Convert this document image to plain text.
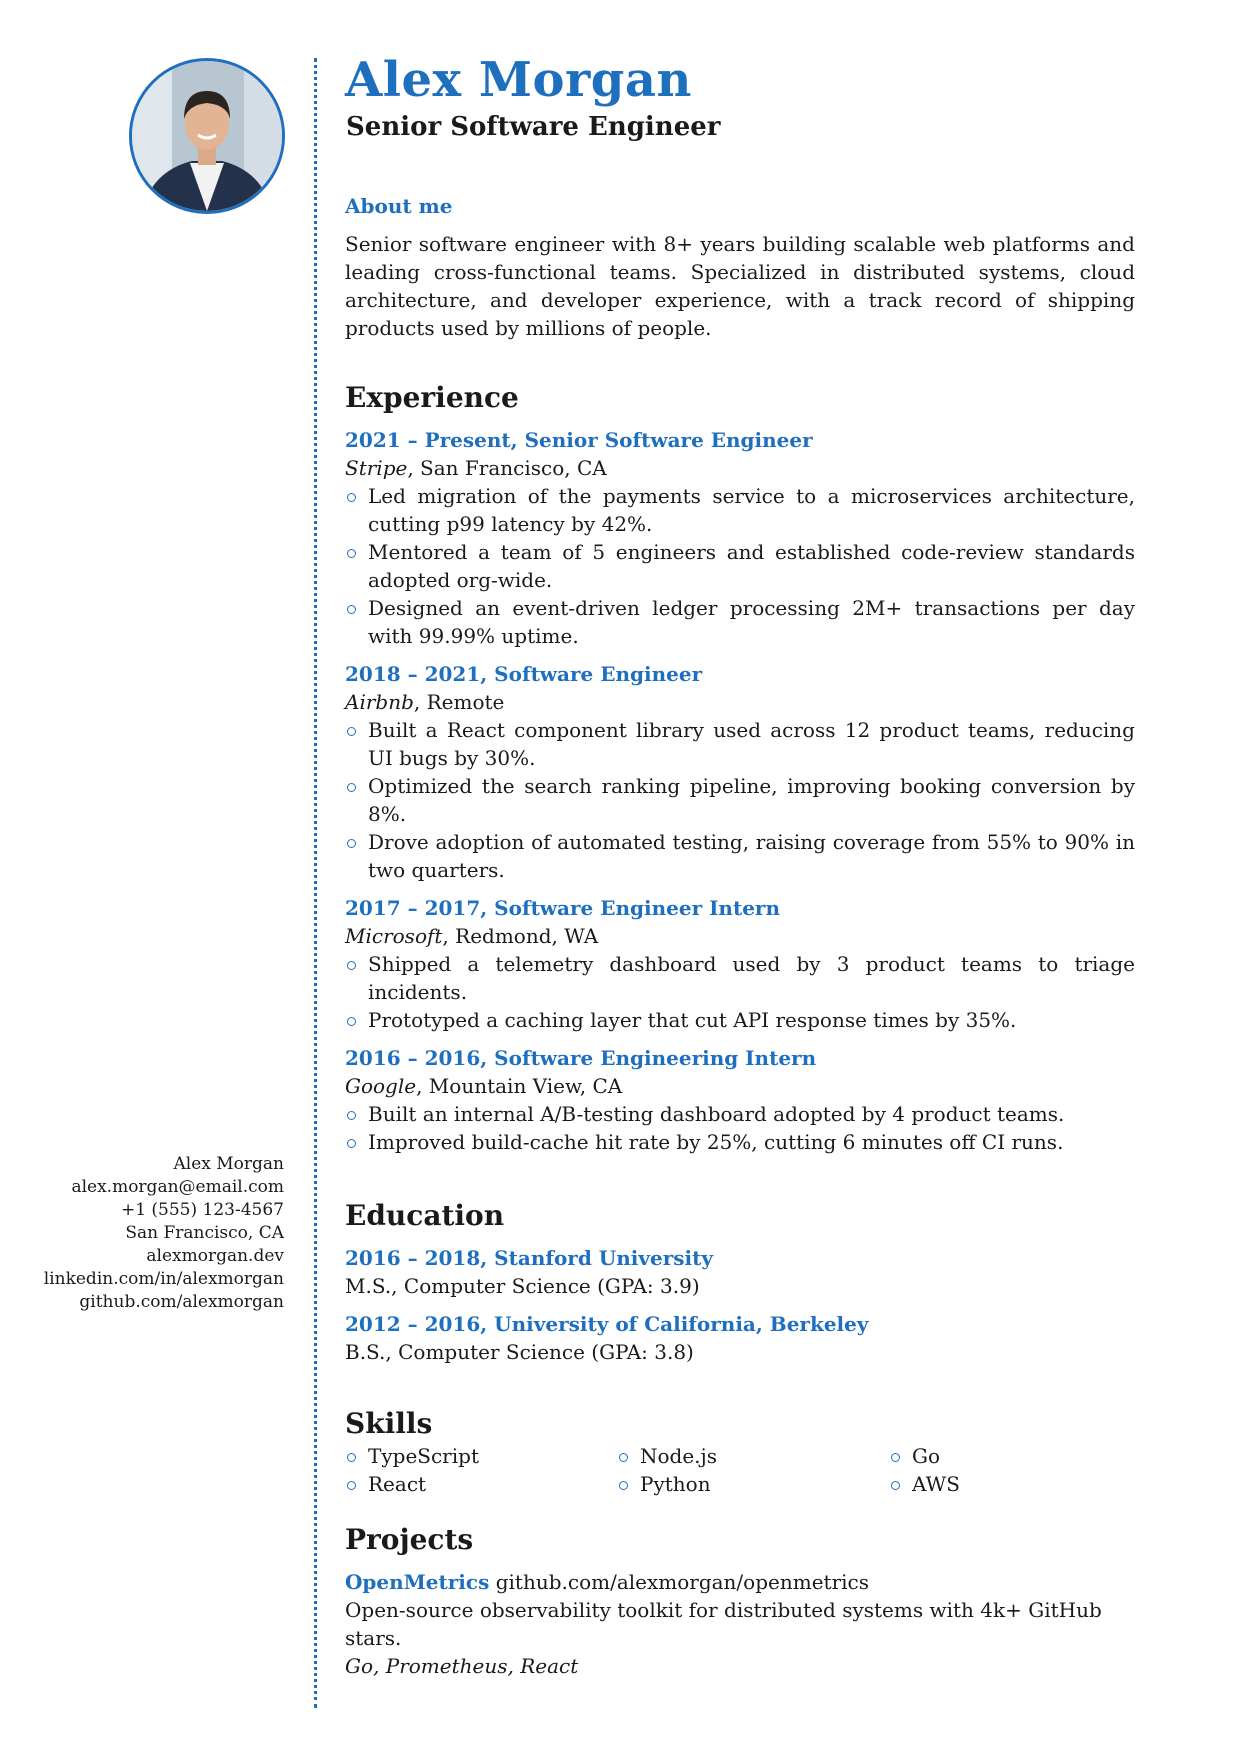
Alex Morgan
alex.morgan@email.com
+1 (555) 123-4567
San Francisco, CA
alexmorgan.dev
linkedin.com/in/alexmorgan
github.com/alexmorgan
Alex Morgan
Senior Software Engineer
About me
Senior software engineer with 8+ years building scalable web platforms and leading cross-functional teams. Specialized in distributed systems, cloud architecture, and developer experience, with a track record of shipping products used by millions of people.
Experience
2021 – Present, Senior Software Engineer
Stripe, San Francisco, CA
Led migration of the payments service to a microservices architecture, cutting p99 latency by 42%.
Mentored a team of 5 engineers and established code-review standards adopted org-wide.
Designed an event-driven ledger processing 2M+ transactions per day with 99.99% uptime.
2018 – 2021, Software Engineer
Airbnb, Remote
Built a React component library used across 12 product teams, reducing UI bugs by 30%.
Optimized the search ranking pipeline, improving booking conversion by 8%.
Drove adoption of automated testing, raising coverage from 55% to 90% in two quarters.
2017 – 2017, Software Engineer Intern
Microsoft, Redmond, WA
Shipped a telemetry dashboard used by 3 product teams to triage incidents.
Prototyped a caching layer that cut API response times by 35%.
2016 – 2016, Software Engineering Intern
Google, Mountain View, CA
Built an internal A/B-testing dashboard adopted by 4 product teams.
Improved build-cache hit rate by 25%, cutting 6 minutes off CI runs.
Education
2016 – 2018, Stanford University
M.S., Computer Science (GPA: 3.9)
2012 – 2016, University of California, Berkeley
B.S., Computer Science (GPA: 3.8)
Skills
TypeScript	Node.js	Go
React	Python	AWS
Projects
OpenMetrics github.com/alexmorgan/openmetrics
Open-source observability toolkit for distributed systems with 4k+ GitHub stars.
Go, Prometheus, React
